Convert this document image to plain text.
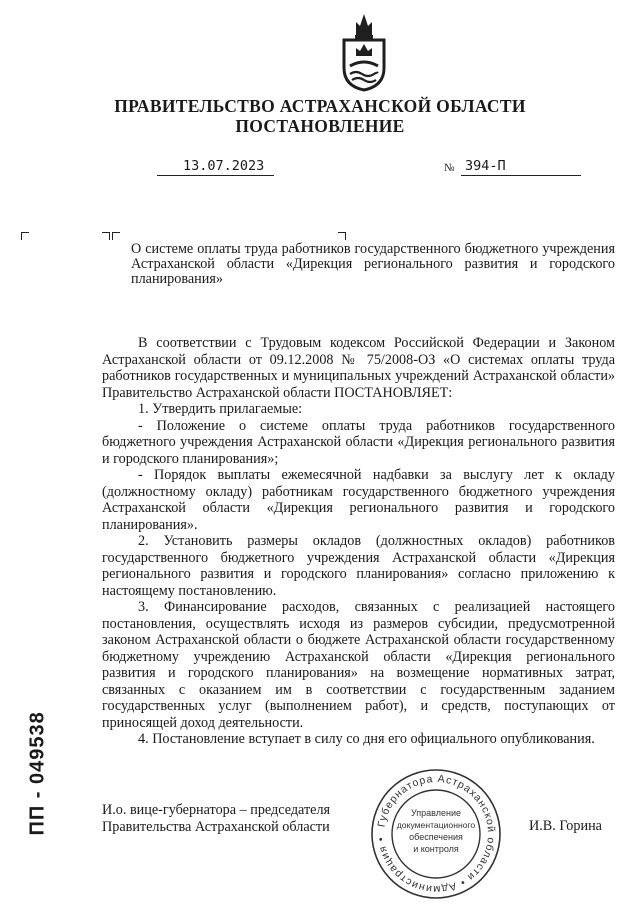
ПРАВИТЕЛЬСТВО АСТРАХАНСКОЙ ОБЛАСТИ
ПОСТАНОВЛЕНИЕ
13.07.2023	№ 394-П
О системе оплаты труда работников государственного бюджетного учреждения Астраханской области «Дирекция регионального развития и городского планирования»

В соответствии с Трудовым кодексом Российской Федерации и Законом Астраханской области от 09.12.2008 № 75/2008-ОЗ «О системах оплаты труда работников государственных и муниципальных учреждений Астраханской области» Правительство Астраханской области ПОСТАНОВЛЯЕТ:

1. Утвердить прилагаемые:

- Положение о системе оплаты труда работников государственного бюджетного учреждения Астраханской области «Дирекция регионального развития и городского планирования»;

- Порядок выплаты ежемесячной надбавки за выслугу лет к окладу (должностному окладу) работникам государственного бюджетного учреждения Астраханской области «Дирекция регионального развития и городского планирования».

2. Установить размеры окладов (должностных окладов) работников государственного бюджетного учреждения Астраханской области «Дирекция регионального развития и городского планирования» согласно приложению к настоящему постановлению.

3. Финансирование расходов, связанных с реализацией настоящего постановления, осуществлять исходя из размеров субсидии, предусмотренной законом Астраханской области о бюджете Астраханской области государственному бюджетному учреждению Астраханской области «Дирекция регионального развития и городского планирования» на возмещение нормативных затрат, связанных с оказанием им в соответствии с государственным заданием государственных услуг (выполнением работ), и средств, поступающих от приносящей доход деятельности.

4. Постановление вступает в силу со дня его официального опубликования.

И.о. вице-губернатора – председателя
Правительства Астраханской области	И.В. Горина
Губернатора Астраханской области • Администрация •
Управление
документационного
обеспечения
и контроля
ПП - 049538
